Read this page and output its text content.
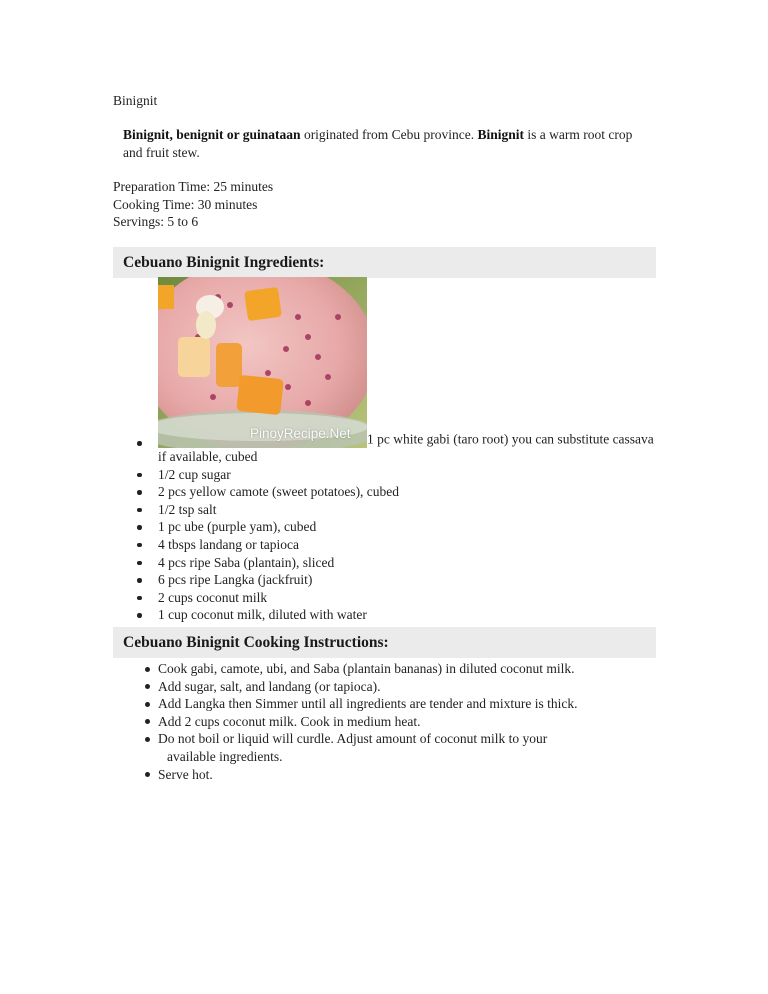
Binignit
Binignit, benignit or guinataan originated from Cebu province. Binignit is a warm root crop and fruit stew.
Preparation Time: 25 minutes
Cooking Time: 30 minutes
Servings: 5 to 6
Cebuano Binignit Ingredients:
PinoyRecipe.Net 1 pc white gabi (taro root) you can substitute cassava if available, cubed
1/2 cup sugar
2 pcs yellow camote (sweet potatoes), cubed
1/2 tsp salt
1 pc ube (purple yam), cubed
4 tbsps landang or tapioca
4 pcs ripe Saba (plantain), sliced
6 pcs ripe Langka (jackfruit)
2 cups coconut milk
1 cup coconut milk, diluted with water
Cebuano Binignit Cooking Instructions:
Cook gabi, camote, ubi, and Saba (plantain bananas) in diluted coconut milk.
Add sugar, salt, and landang (or tapioca).
Add Langka then Simmer until all ingredients are tender and mixture is thick.
Add 2 cups coconut milk. Cook in medium heat.
Do not boil or liquid will curdle. Adjust amount of coconut milk to your
available ingredients.
Serve hot.
